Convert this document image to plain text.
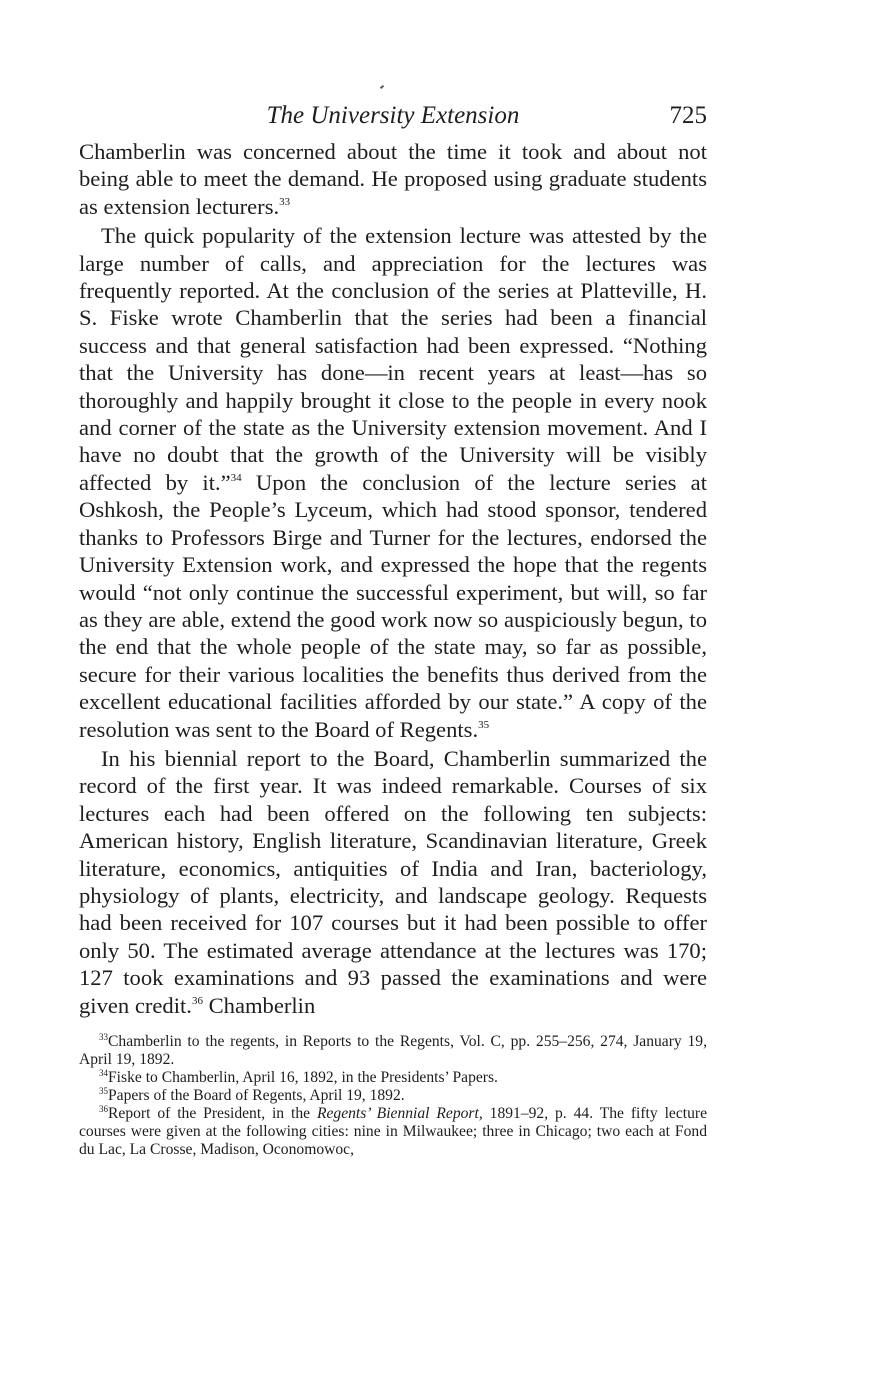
The University Extension	725

Chamberlin was concerned about the time it took and about not being able to meet the demand. He proposed using graduate students as extension lecturers.$^{33}$

The quick popularity of the extension lecture was attested by the large number of calls, and appreciation for the lectures was frequently reported. At the conclusion of the series at Platteville, H. S. Fiske wrote Chamberlin that the series had been a financial success and that general satisfaction had been expressed. “Nothing that the University has done—in recent years at least—has so thoroughly and happily brought it close to the people in every nook and corner of the state as the University extension movement. And I have no doubt that the growth of the University will be visibly affected by it.”$^{34}$ Upon the conclusion of the lecture series at Oshkosh, the People’s Lyceum, which had stood sponsor, tendered thanks to Professors Birge and Turner for the lectures, endorsed the University Extension work, and expressed the hope that the regents would “not only continue the successful experiment, but will, so far as they are able, extend the good work now so auspiciously begun, to the end that the whole people of the state may, so far as possible, secure for their various localities the benefits thus derived from the excellent educational facilities afforded by our state.” A copy of the resolution was sent to the Board of Regents.$^{35}$

In his biennial report to the Board, Chamberlin summarized the record of the first year. It was indeed remarkable. Courses of six lectures each had been offered on the following ten subjects: American history, English literature, Scandinavian literature, Greek literature, economics, antiquities of India and Iran, bacteriology, physiology of plants, electricity, and landscape geology. Requests had been received for 107 courses but it had been possible to offer only 50. The estimated average attendance at the lectures was 170; 127 took examinations and 93 passed the examinations and were given credit.$^{36}$ Chamberlin

$^{33}$Chamberlin to the regents, in Reports to the Regents, Vol. C, pp. 255–256, 274, January 19, April 19, 1892.

$^{34}$Fiske to Chamberlin, April 16, 1892, in the Presidents’ Papers.

$^{35}$Papers of the Board of Regents, April 19, 1892.

$^{36}$Report of the President, in the Regents’ Biennial Report, 1891–92, p. 44. The fifty lecture courses were given at the following cities: nine in Milwaukee; three in Chicago; two each at Fond du Lac, La Crosse, Madison, Oconomowoc,
